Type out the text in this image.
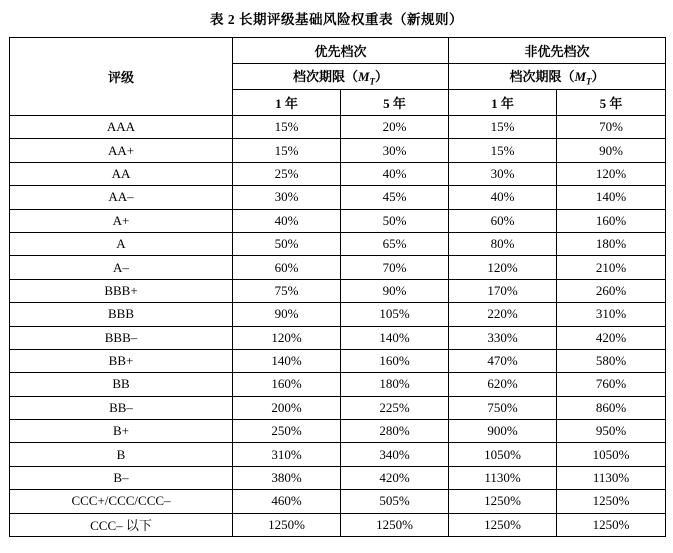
表 2 长期评级基础风险权重表（新规则）
评级	优先档次		非优先档次	
	档次期限$(M_T)$		档次期限$(M_T)$	
	1 年	5 年	1 年	5 年
AAA	15%	20%	15%	70%
AA+	15%	30%	15%	90%
AA	25%	40%	30%	120%
AA–	30%	45%	40%	140%
A+	40%	50%	60%	160%
A	50%	65%	80%	180%
A–	60%	70%	120%	210%
BBB+	75%	90%	170%	260%
BBB	90%	105%	220%	310%
BBB–	120%	140%	330%	420%
BB+	140%	160%	470%	580%
BB	160%	180%	620%	760%
BB–	200%	225%	750%	860%
B+	250%	280%	900%	950%
B	310%	340%	1050%	1050%
B–	380%	420%	1130%	1130%
CCC+/CCC/CCC–	460%	505%	1250%	1250%
CCC– 以下	1250%	1250%	1250%	1250%
